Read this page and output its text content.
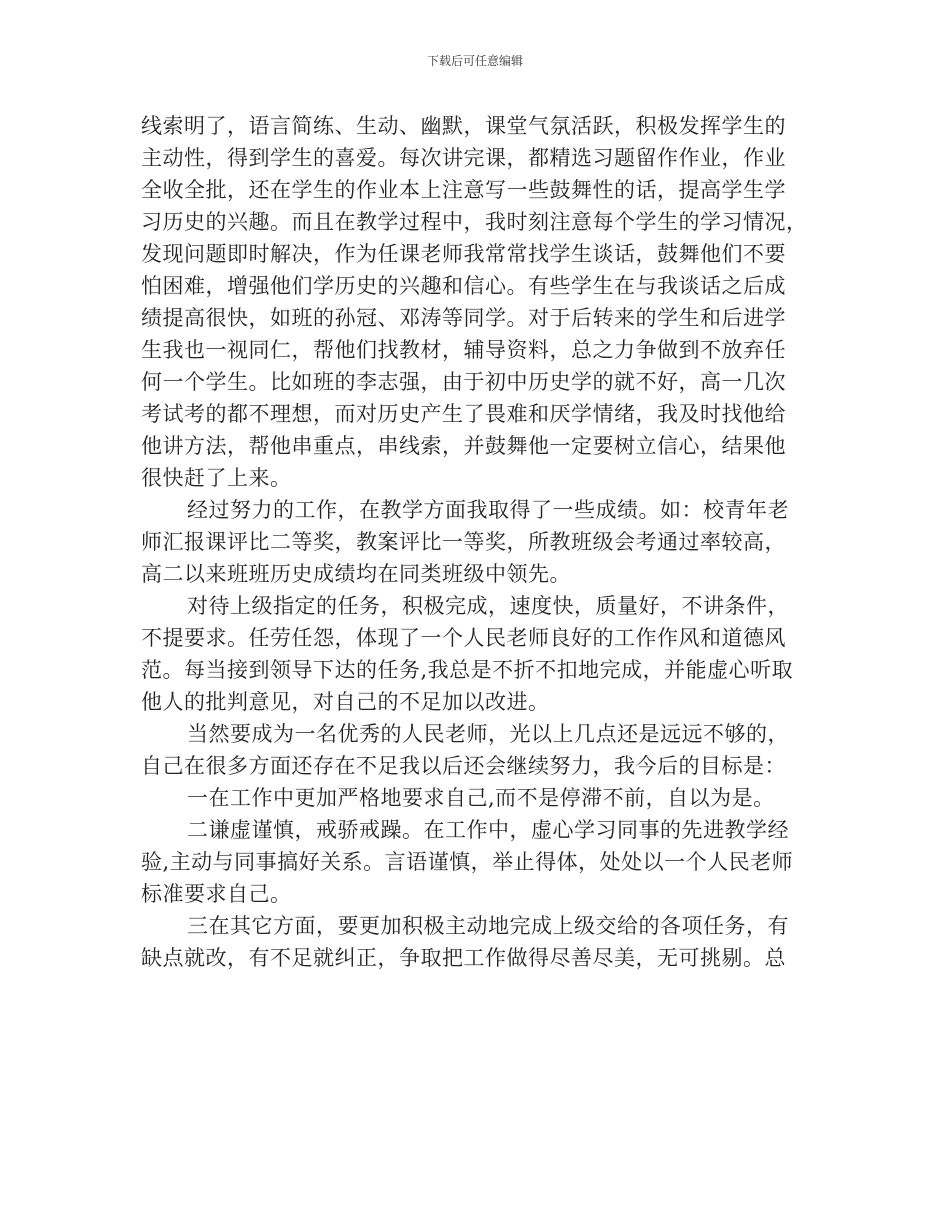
下载后可任意编辑

线索明了，语言简练、生动、幽默，课堂气氛活跃，积极发挥学生的

主动性，得到学生的喜爱。每次讲完课，都精选习题留作作业，作业

全收全批，还在学生的作业本上注意写一些鼓舞性的话，提高学生学

习历史的兴趣。而且在教学过程中，我时刻注意每个学生的学习情况，

发现问题即时解决，作为任课老师我常常找学生谈话，鼓舞他们不要

怕困难，增强他们学历史的兴趣和信心。有些学生在与我谈话之后成

绩提高很快，如班的孙冠、邓涛等同学。对于后转来的学生和后进学

生我也一视同仁，帮他们找教材，辅导资料，总之力争做到不放弃任

何一个学生。比如班的李志强，由于初中历史学的就不好，高一几次

考试考的都不理想，而对历史产生了畏难和厌学情绪，我及时找他给

他讲方法，帮他串重点，串线索，并鼓舞他一定要树立信心，结果他

很快赶了上来。

经过努力的工作，在教学方面我取得了一些成绩。如：校青年老

师汇报课评比二等奖，教案评比一等奖，所教班级会考通过率较高，

高二以来班班历史成绩均在同类班级中领先。

对待上级指定的任务，积极完成，速度快，质量好，不讲条件，

不提要求。任劳任怨，体现了一个人民老师良好的工作作风和道德风

范。每当接到领导下达的任务,我总是不折不扣地完成，并能虚心听取

他人的批判意见，对自己的不足加以改进。

当然要成为一名优秀的人民老师，光以上几点还是远远不够的，

自己在很多方面还存在不足我以后还会继续努力，我今后的目标是：

一在工作中更加严格地要求自己,而不是停滞不前，自以为是。

二谦虚谨慎，戒骄戒躁。在工作中，虚心学习同事的先进教学经

验,主动与同事搞好关系。言语谨慎，举止得体，处处以一个人民老师

标准要求自己。

三在其它方面，要更加积极主动地完成上级交给的各项任务，有

缺点就改，有不足就纠正，争取把工作做得尽善尽美，无可挑剔。总
